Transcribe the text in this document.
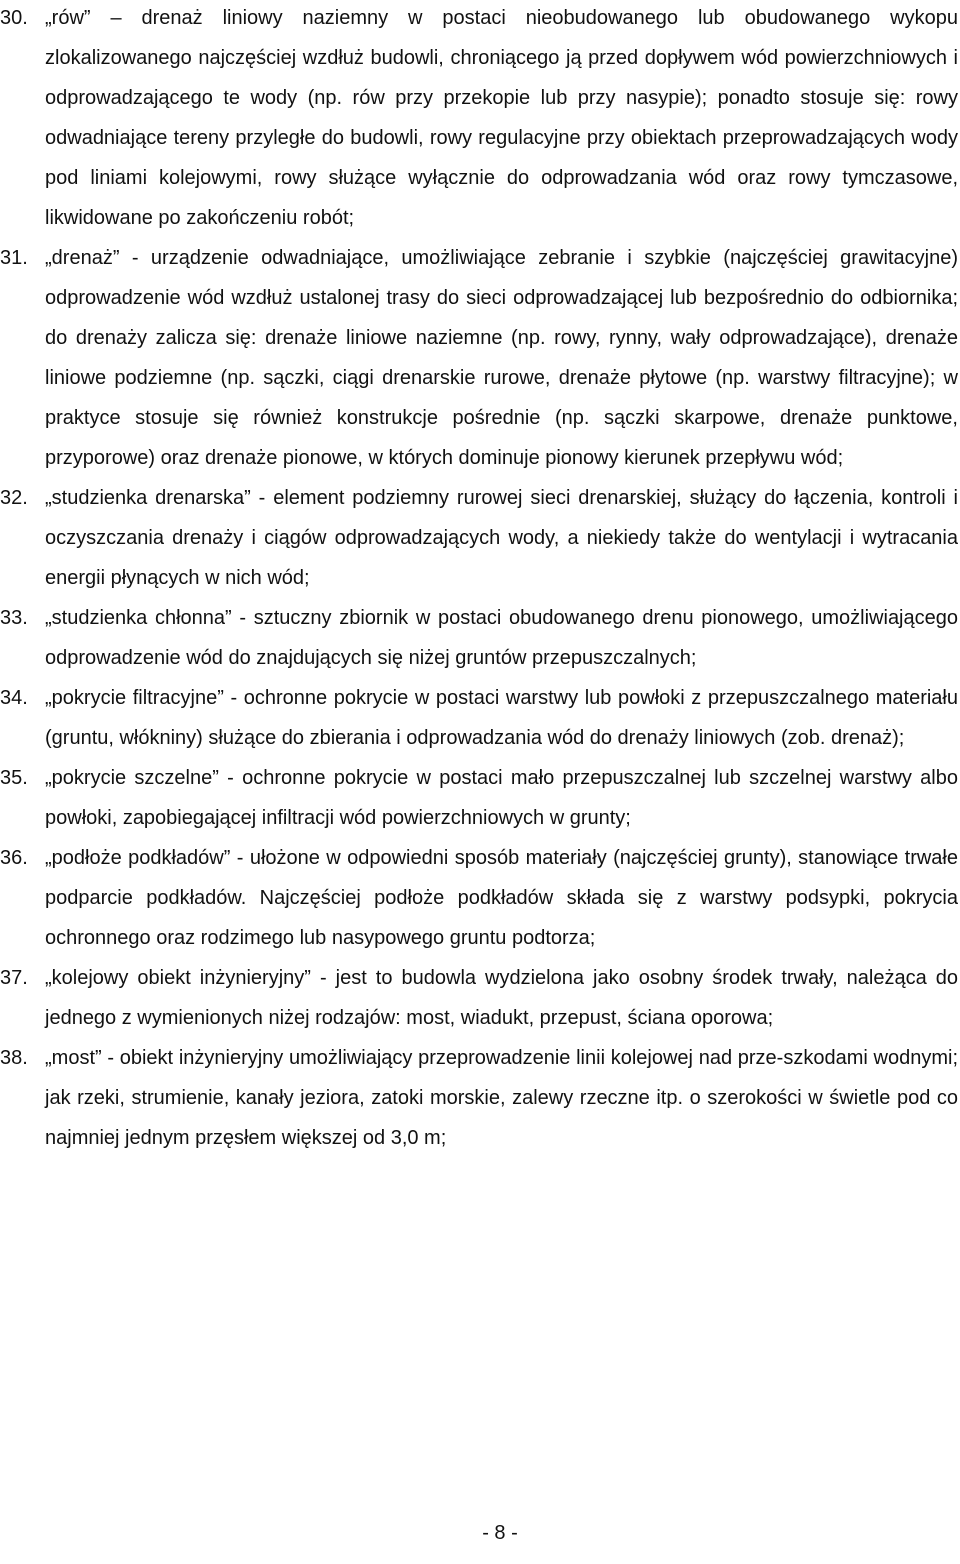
30. „rów” – drenaż liniowy naziemny w postaci nieobudowanego lub obudowanego wykopu zlokalizowanego najczęściej wzdłuż budowli, chroniącego ją przed dopływem wód powierzchniowych i odprowadzającego te wody (np. rów przy przekopie lub przy nasypie); ponadto stosuje się: rowy odwadniające tereny przyległe do budowli, rowy regulacyjne przy obiektach przeprowadzających wody pod liniami kolejowymi, rowy służące wyłącznie do odprowadzania wód oraz rowy tymczasowe, likwidowane po zakończeniu robót;
31. „drenaż” - urządzenie odwadniające, umożliwiające zebranie i szybkie (najczęściej grawitacyjne) odprowadzenie wód wzdłuż ustalonej trasy do sieci odprowadzającej lub bezpośrednio do odbiornika; do drenaży zalicza się: drenaże liniowe naziemne (np. rowy, rynny, wały odprowadzające), drenaże liniowe podziemne (np. sączki, ciągi drenarskie rurowe, drenaże płytowe (np. warstwy filtracyjne); w praktyce stosuje się również konstrukcje pośrednie (np. sączki skarpowe, drenaże punktowe, przyporowe) oraz drenaże pionowe, w których dominuje pionowy kierunek przepływu wód;
32. „studzienka drenarska” - element podziemny rurowej sieci drenarskiej, służący do łączenia, kontroli i oczyszczania drenaży i ciągów odprowadzających wody, a niekiedy także do wentylacji i wytracania energii płynących w nich wód;
33. „studzienka chłonna” - sztuczny zbiornik w postaci obudowanego drenu pionowego, umożliwiającego odprowadzenie wód do znajdujących się niżej gruntów przepuszczalnych;
34. „pokrycie filtracyjne” - ochronne pokrycie w postaci warstwy lub powłoki z przepuszczalnego materiału (gruntu, włókniny) służące do zbierania i odprowadzania wód do drenaży liniowych (zob. drenaż);
35. „pokrycie szczelne” - ochronne pokrycie w postaci mało przepuszczalnej lub szczelnej warstwy albo powłoki, zapobiegającej infiltracji wód powierzchniowych w grunty;
36. „podłoże podkładów” - ułożone w odpowiedni sposób materiały (najczęściej grunty), stanowiące trwałe podparcie podkładów. Najczęściej podłoże podkładów składa się z warstwy podsypki, pokrycia ochronnego oraz rodzimego lub nasypowego gruntu podtorza;
37. „kolejowy obiekt inżynieryjny” - jest to budowla wydzielona jako osobny środek trwały, należąca do jednego z wymienionych niżej rodzajów: most, wiadukt, przepust, ściana oporowa;
38. „most” - obiekt inżynieryjny umożliwiający przeprowadzenie linii kolejowej nad prze-szkodami wodnymi; jak rzeki, strumienie, kanały jeziora, zatoki morskie, zalewy rzeczne itp. o szerokości w świetle pod co najmniej jednym przęsłem większej od 3,0 m;
- 8 -
